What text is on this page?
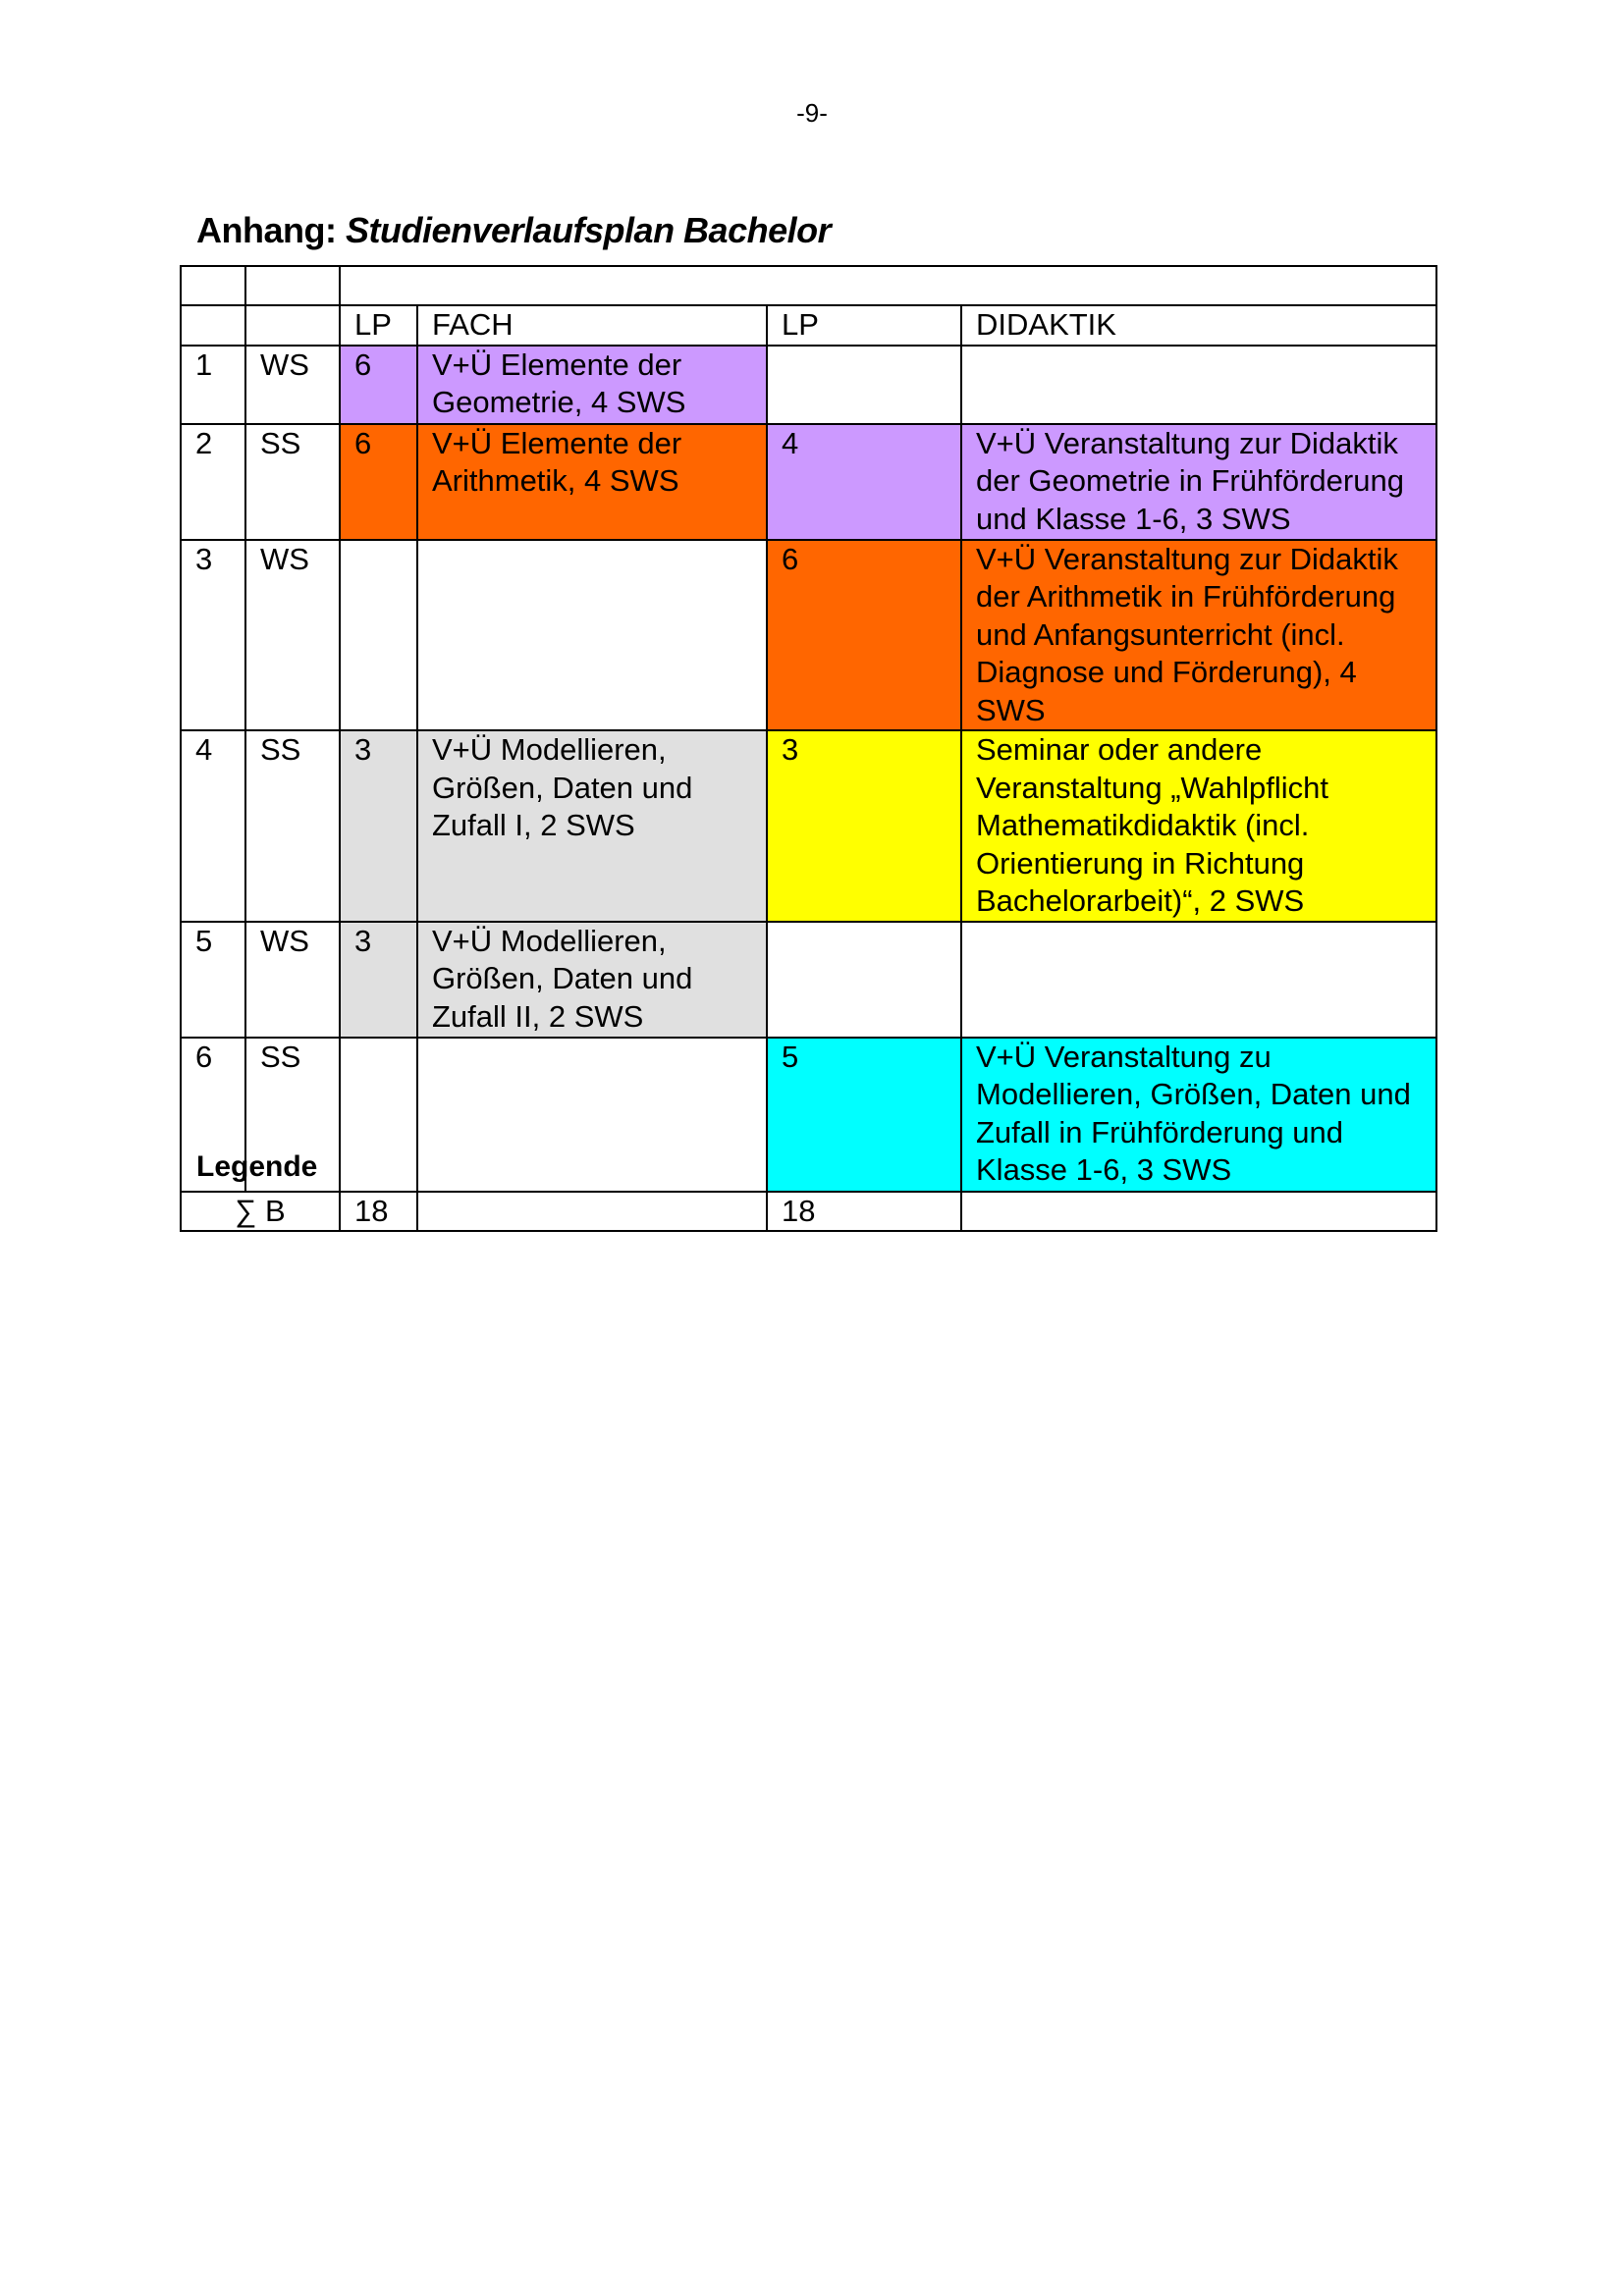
-9-
Anhang: Studienverlaufsplan Bachelor

		LP	FACH	LP	DIDAKTIK
1	WS	6	V+Ü Elemente der Geometrie, 4 SWS		
2	SS	6	V+Ü Elemente der Arithmetik, 4 SWS	4	V+Ü Veranstaltung zur Didaktik der Geometrie in Frühförderung und Klasse 1-6, 3 SWS
3	WS			6	V+Ü Veranstaltung zur Didaktik der Arithmetik in Frühförderung und Anfangsunterricht (incl. Diagnose und Förderung), 4 SWS
4	SS	3	V+Ü Modellieren, Größen, Daten und Zufall I, 2 SWS	3	Seminar oder andere Veranstaltung „Wahlpflicht Mathematikdidaktik (incl. Orientierung in Richtung Bachelorarbeit)“, 2 SWS
5	WS	3	V+Ü Modellieren, Größen, Daten und Zufall II, 2 SWS		
6	SS			5	V+Ü Veranstaltung zu Modellieren, Größen, Daten und Zufall in Frühförderung und Klasse 1-6, 3 SWS
∑ B		18		18	
Legende
